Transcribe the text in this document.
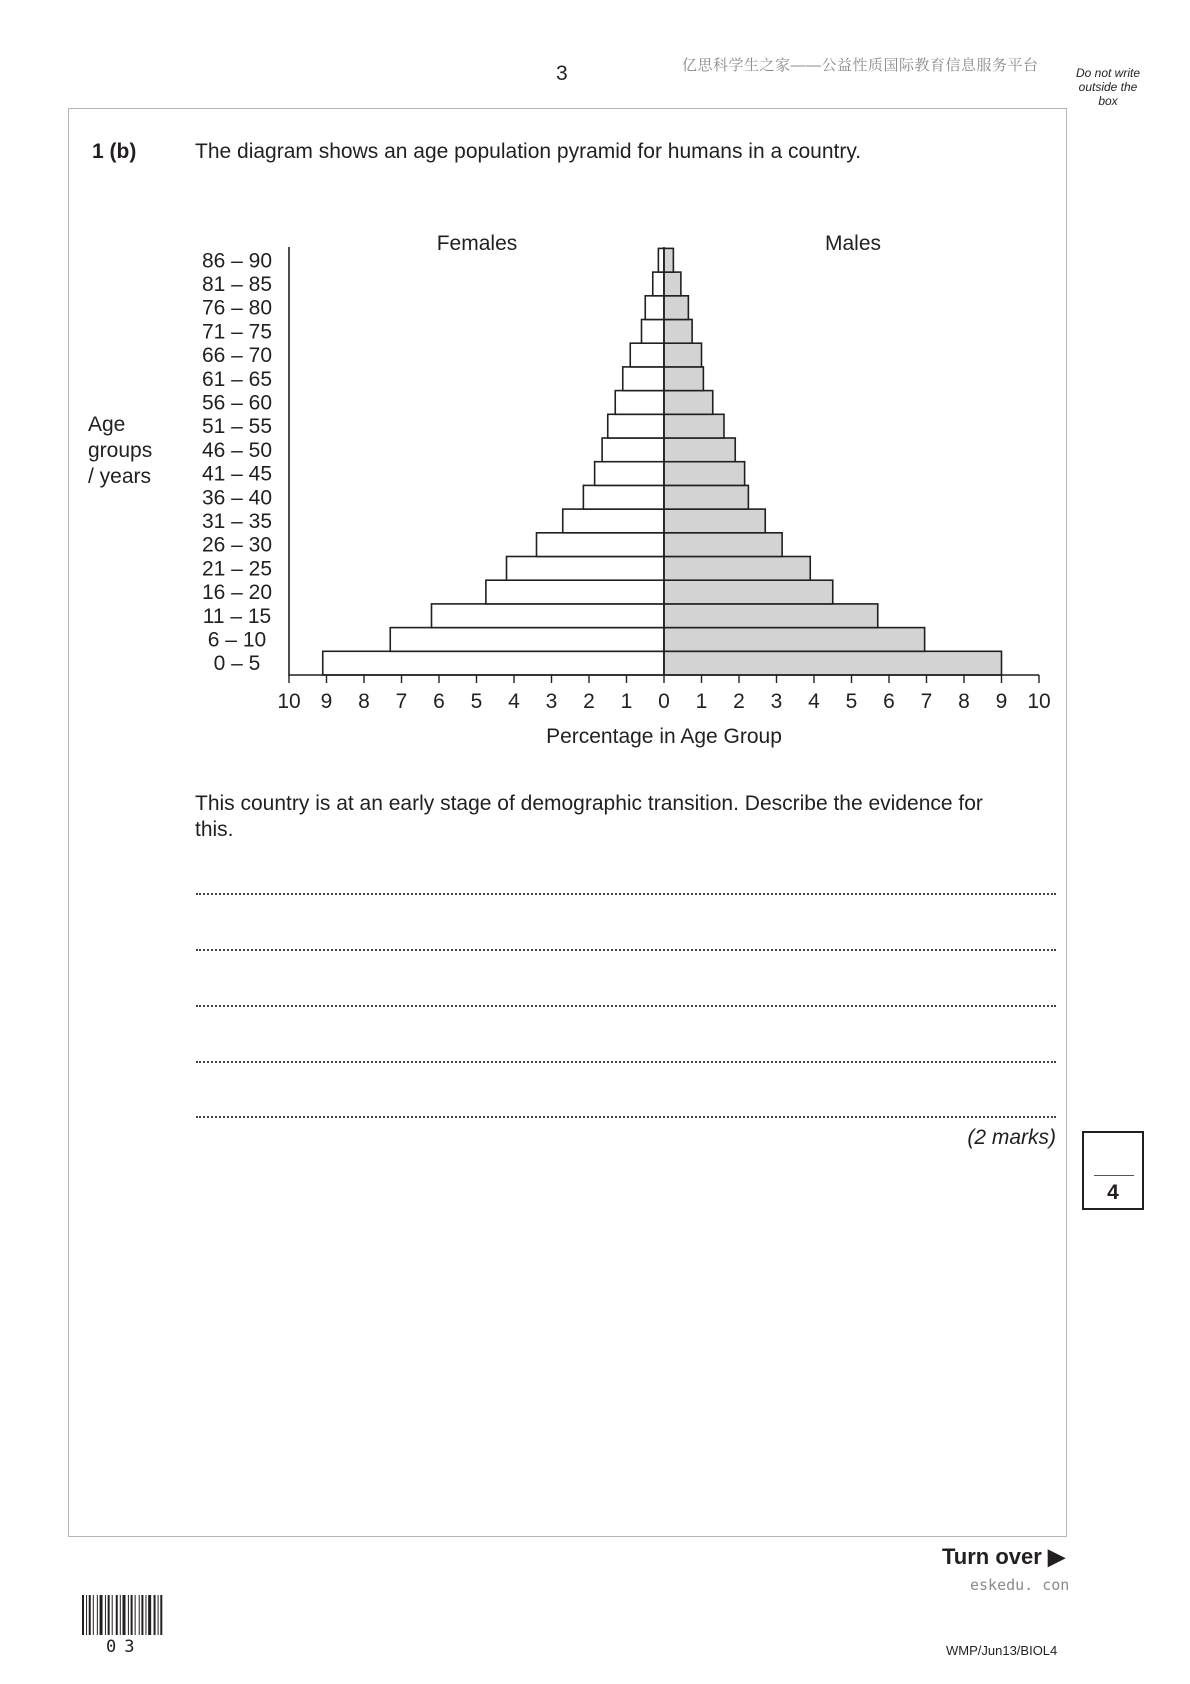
3	亿思科学生之家——公益性质国际教育信息服务平台	Do not write
outside the
box
1 (b)	The diagram shows an age population pyramid for humans in a country.
0 – 5
6 – 10
11 – 15
16 – 20
21 – 25
26 – 30
31 – 35
36 – 40
41 – 45
46 – 50
51 – 55
56 – 60
61 – 65
66 – 70
71 – 75
76 – 80
81 – 85
86 – 90
10 9 8 7 6 5 4 3 2 1 0 1 2 3 4 5 6 7 8 9 10
Females	Males
Percentage in Age Group
Age
groups
/ years
This country is at an early stage of demographic transition. Describe the evidence for
this.
(2 marks)
4
Turn over ▶
eskedu. con
03	WMP/Jun13/BIOL4
